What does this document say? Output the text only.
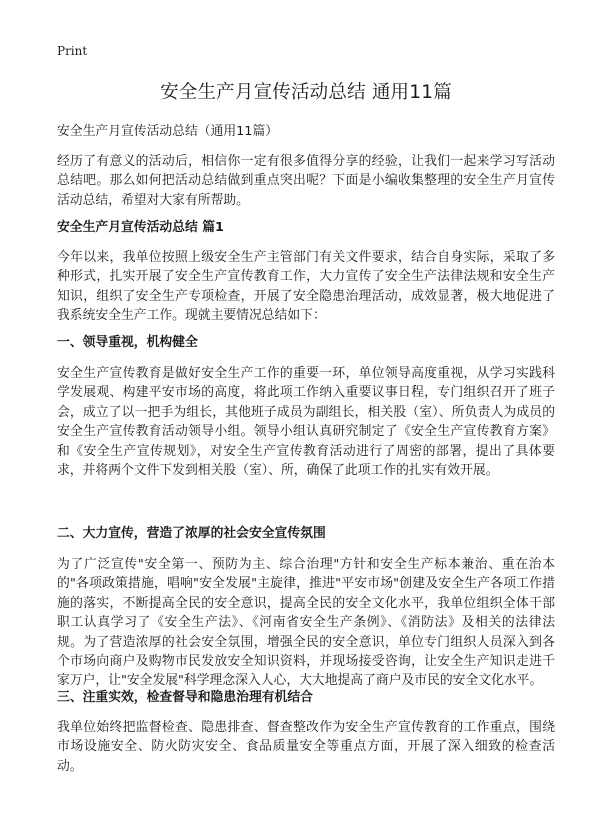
Print
安全生产月宣传活动总结 通用11篇

安全生产月宣传活动总结（通用11篇）

经历了有意义的活动后，相信你一定有很多值得分享的经验，让我们一起来学习写活动总结吧。那么如何把活动总结做到重点突出呢？下面是小编收集整理的安全生产月宣传活动总结，希望对大家有所帮助。

安全生产月宣传活动总结 篇1

今年以来，我单位按照上级安全生产主管部门有关文件要求，结合自身实际，采取了多种形式，扎实开展了安全生产宣传教育工作，大力宣传了安全生产法律法规和安全生产知识，组织了安全生产专项检查，开展了安全隐患治理活动，成效显著，极大地促进了我系统安全生产工作。现就主要情况总结如下：

一、领导重视，机构健全

安全生产宣传教育是做好安全生产工作的重要一环，单位领导高度重视，从学习实践科学发展观、构建平安市场的高度，将此项工作纳入重要议事日程，专门组织召开了班子会，成立了以一把手为组长，其他班子成员为副组长，相关股（室）、所负责人为成员的安全生产宣传教育活动领导小组。领导小组认真研究制定了《安全生产宣传教育方案》和《安全生产宣传规划》，对安全生产宣传教育活动进行了周密的部署，提出了具体要求，并将两个文件下发到相关股（室）、所，确保了此项工作的扎实有效开展。

二、大力宣传，营造了浓厚的社会安全宣传氛围

为了广泛宣传"安全第一、预防为主、综合治理"方针和安全生产标本兼治、重在治本的"各项政策措施，唱响"安全发展"主旋律，推进"平安市场"创建及安全生产各项工作措施的落实，不断提高全民的安全意识，提高全民的安全文化水平，我单位组织全体干部职工认真学习了《安全生产法》、《河南省安全生产条例》、《消防法》及相关的法律法规。为了营造浓厚的社会安全氛围，增强全民的安全意识，单位专门组织人员深入到各个市场向商户及购物市民发放安全知识资料，并现场接受咨询，让安全生产知识走进千家万户，让"安全发展"科学理念深入人心，大大地提高了商户及市民的安全文化水平。

三、注重实效，检查督导和隐患治理有机结合

我单位始终把监督检查、隐患排查、督查整改作为安全生产宣传教育的工作重点，围绕市场设施安全、防火防灾安全、食品质量安全等重点方面，开展了深入细致的检查活动。
